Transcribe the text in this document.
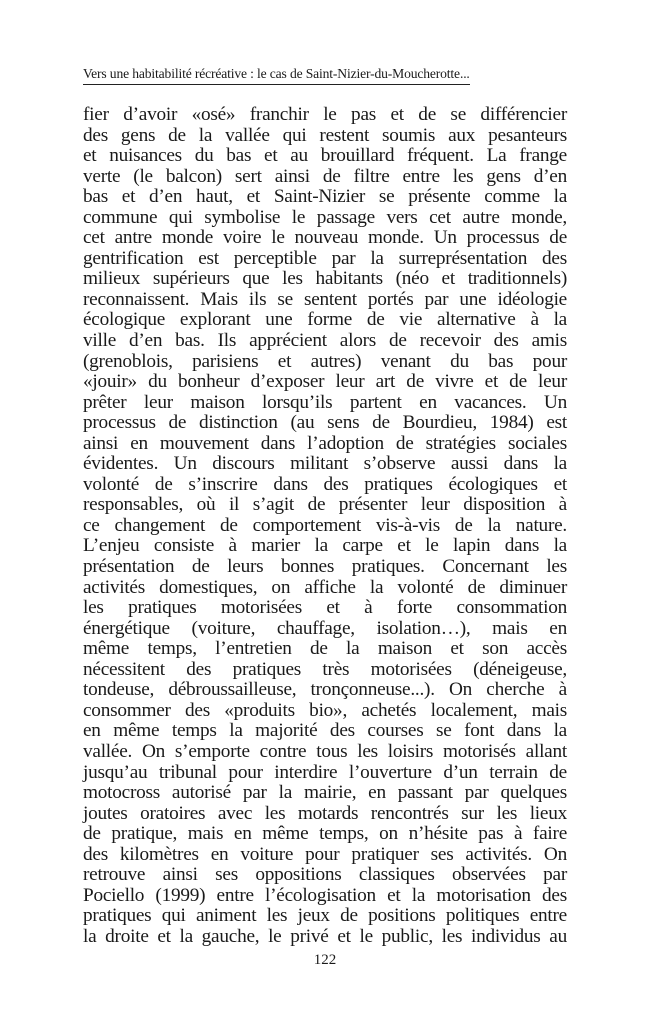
Vers une habitabilité récréative : le cas de Saint-Nizier-du-Moucherotte...
fier d’avoir «osé» franchir le pas et de se différencier
des gens de la vallée qui restent soumis aux pesanteurs
et nuisances du bas et au brouillard fréquent. La frange
verte (le balcon) sert ainsi de filtre entre les gens d’en
bas et d’en haut, et Saint-Nizier se présente comme la
commune qui symbolise le passage vers cet autre monde,
cet antre monde voire le nouveau monde. Un processus de
gentrification est perceptible par la surreprésentation des
milieux supérieurs que les habitants (néo et traditionnels)
reconnaissent. Mais ils se sentent portés par une idéologie
écologique explorant une forme de vie alternative à la
ville d’en bas. Ils apprécient alors de recevoir des amis
(grenoblois, parisiens et autres) venant du bas pour
«jouir» du bonheur d’exposer leur art de vivre et de leur
prêter leur maison lorsqu’ils partent en vacances. Un
processus de distinction (au sens de Bourdieu, 1984) est
ainsi en mouvement dans l’adoption de stratégies sociales
évidentes. Un discours militant s’observe aussi dans la
volonté de s’inscrire dans des pratiques écologiques et
responsables, où il s’agit de présenter leur disposition à
ce changement de comportement vis-à-vis de la nature.
L’enjeu consiste à marier la carpe et le lapin dans la
présentation de leurs bonnes pratiques. Concernant les
activités domestiques, on affiche la volonté de diminuer
les pratiques motorisées et à forte consommation
énergétique (voiture, chauffage, isolation…), mais en
même temps, l’entretien de la maison et son accès
nécessitent des pratiques très motorisées (déneigeuse,
tondeuse, débroussailleuse, tronçonneuse...). On cherche à
consommer des «produits bio», achetés localement, mais
en même temps la majorité des courses se font dans la
vallée. On s’emporte contre tous les loisirs motorisés allant
jusqu’au tribunal pour interdire l’ouverture d’un terrain de
motocross autorisé par la mairie, en passant par quelques
joutes oratoires avec les motards rencontrés sur les lieux
de pratique, mais en même temps, on n’hésite pas à faire
des kilomètres en voiture pour pratiquer ses activités. On
retrouve ainsi ses oppositions classiques observées par
Pociello (1999) entre l’écologisation et la motorisation des
pratiques qui animent les jeux de positions politiques entre
la droite et la gauche, le privé et le public, les individus au
122
